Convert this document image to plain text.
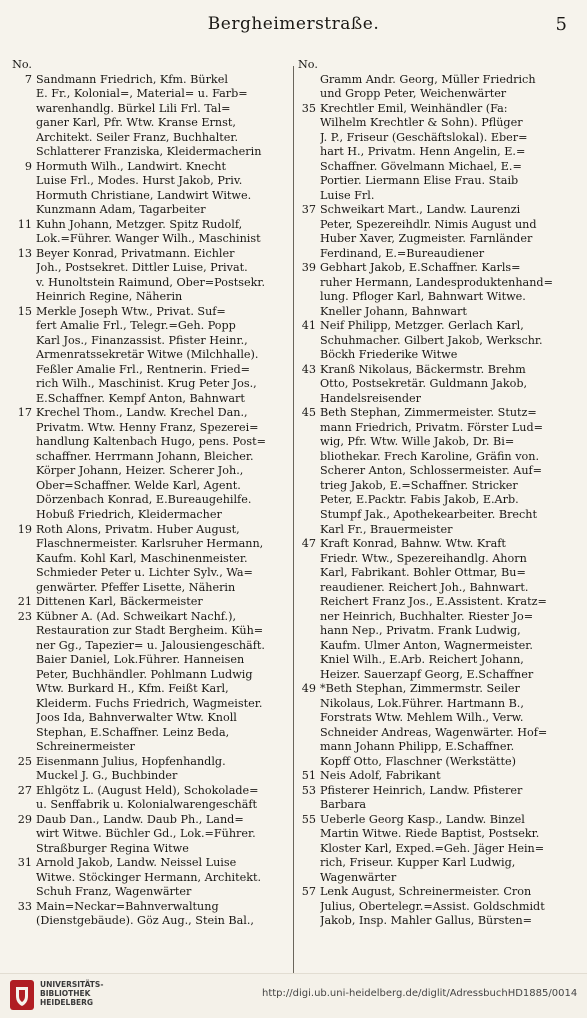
Bergheimerstraße.	5
No.
7 Sandmann Friedrich, Kfm. Bürkel
E. Fr., Kolonial=, Material= u. Farb=
warenhandlg. Bürkel Lili Frl. Tal=
ganer Karl, Pfr. Wtw. Kranse Ernst,
Architekt. Seiler Franz, Buchhalter.
Schlatterer Franziska, Kleidermacherin
9 Hormuth Wilh., Landwirt. Knecht
Luise Frl., Modes. Hurst Jakob, Priv.
Hormuth Christiane, Landwirt Witwe.
Kunzmann Adam, Tagarbeiter
11 Kuhn Johann, Metzger. Spitz Rudolf,
Lok.=Führer. Wanger Wilh., Maschinist
13 Beyer Konrad, Privatmann. Eichler
Joh., Postsekret. Dittler Luise, Privat.
v. Hunoltstein Raimund, Ober=Postsekr.
Heinrich Regine, Näherin
15 Merkle Joseph Wtw., Privat. Suf=
fert Amalie Frl., Telegr.=Geh. Popp
Karl Jos., Finanzassist. Pfister Heinr.,
Armenratssekretär Witwe (Milchhalle).
Feßler Amalie Frl., Rentnerin. Fried=
rich Wilh., Maschinist. Krug Peter Jos.,
E.Schaffner. Kempf Anton, Bahnwart
17 Krechel Thom., Landw. Krechel Dan.,
Privatm. Wtw. Henny Franz, Spezerei=
handlung Kaltenbach Hugo, pens. Post=
schaffner. Herrmann Johann, Bleicher.
Körper Johann, Heizer. Scherer Joh.,
Ober=Schaffner. Welde Karl, Agent.
Dörzenbach Konrad, E.Bureaugehilfe.
Hobuß Friedrich, Kleidermacher
19 Roth Alons, Privatm. Huber August,
Flaschnermeister. Karlsruher Hermann,
Kaufm. Kohl Karl, Maschinenmeister.
Schmieder Peter u. Lichter Sylv., Wa=
genwärter. Pfeffer Lisette, Näherin
21 Dittenen Karl, Bäckermeister
23 Kübner A. (Ad. Schweikart Nachf.),
Restauration zur Stadt Bergheim. Küh=
ner Gg., Tapezier= u. Jalousiengeschäft.
Baier Daniel, Lok.Führer. Hanneisen
Peter, Buchhändler. Pohlmann Ludwig
Wtw. Burkard H., Kfm. Feißt Karl,
Kleiderm. Fuchs Friedrich, Wagmeister.
Joos Ida, Bahnverwalter Wtw. Knoll
Stephan, E.Schaffner. Leinz Beda,
Schreinermeister
25 Eisenmann Julius, Hopfenhandlg.
Muckel J. G., Buchbinder
27 Ehlgötz L. (August Held), Schokolade=
u. Senffabrik u. Kolonialwarengeschäft
29 Daub Dan., Landw. Daub Ph., Land=
wirt Witwe. Büchler Gd., Lok.=Führer.
Straßburger Regina Witwe
31 Arnold Jakob, Landw. Neissel Luise
Witwe. Stöckinger Hermann, Architekt.
Schuh Franz, Wagenwärter
33 Main=Neckar=Bahnverwaltung
(Dienstgebäude). Göz Aug., Stein Bal.,
No.
Gramm Andr. Georg, Müller Friedrich
und Gropp Peter, Weichenwärter
35 Krechtler Emil, Weinhändler (Fa:
Wilhelm Krechtler & Sohn). Pflüger
J. P., Friseur (Geschäftslokal). Eber=
hart H., Privatm. Henn Angelin, E.=
Schaffner. Gövelmann Michael, E.=
Portier. Liermann Elise Frau. Staib
Luise Frl.
37 Schweikart Mart., Landw. Laurenzi
Peter, Spezereihdlr. Nimis August und
Huber Xaver, Zugmeister. Farnländer
Ferdinand, E.=Bureaudiener
39 Gebhart Jakob, E.Schaffner. Karls=
ruher Hermann, Landesproduktenhand=
lung. Pfloger Karl, Bahnwart Witwe.
Kneller Johann, Bahnwart
41 Neif Philipp, Metzger. Gerlach Karl,
Schuhmacher. Gilbert Jakob, Werkschr.
Böckh Friederike Witwe
43 Kranß Nikolaus, Bäckermstr. Brehm
Otto, Postsekretär. Guldmann Jakob,
Handelsreisender
45 Beth Stephan, Zimmermeister. Stutz=
mann Friedrich, Privatm. Förster Lud=
wig, Pfr. Wtw. Wille Jakob, Dr. Bi=
bliothekar. Frech Karoline, Gräfin von.
Scherer Anton, Schlossermeister. Auf=
trieg Jakob, E.=Schaffner. Stricker
Peter, E.Packtr. Fabis Jakob, E.Arb.
Stumpf Jak., Apothekearbeiter. Brecht
Karl Fr., Brauermeister
47 Kraft Konrad, Bahnw. Wtw. Kraft
Friedr. Wtw., Spezereihandlg. Ahorn
Karl, Fabrikant. Bohler Ottmar, Bu=
reaudiener. Reichert Joh., Bahnwart.
Reichert Franz Jos., E.Assistent. Kratz=
ner Heinrich, Buchhalter. Riester Jo=
hann Nep., Privatm. Frank Ludwig,
Kaufm. Ulmer Anton, Wagnermeister.
Kniel Wilh., E.Arb. Reichert Johann,
Heizer. Sauerzapf Georg, E.Schaffner
49 *Beth Stephan, Zimmermstr. Seiler
Nikolaus, Lok.Führer. Hartmann B.,
Forstrats Wtw. Mehlem Wilh., Verw.
Schneider Andreas, Wagenwärter. Hof=
mann Johann Philipp, E.Schaffner.
Kopff Otto, Flaschner (Werkstätte)
51 Neis Adolf, Fabrikant
53 Pfisterer Heinrich, Landw. Pfisterer
Barbara
55 Ueberle Georg Kasp., Landw. Binzel
Martin Witwe. Riede Baptist, Postsekr.
Kloster Karl, Exped.=Geh. Jäger Hein=
rich, Friseur. Kupper Karl Ludwig,
Wagenwärter
57 Lenk August, Schreinermeister. Cron
Julius, Obertelegr.=Assist. Goldschmidt
Jakob, Insp. Mahler Gallus, Bürsten=
UNIVERSITÄTS-
BIBLIOTHEK
HEIDELBERG
http://digi.ub.uni-heidelberg.de/diglit/AdressbuchHD1885/0014
